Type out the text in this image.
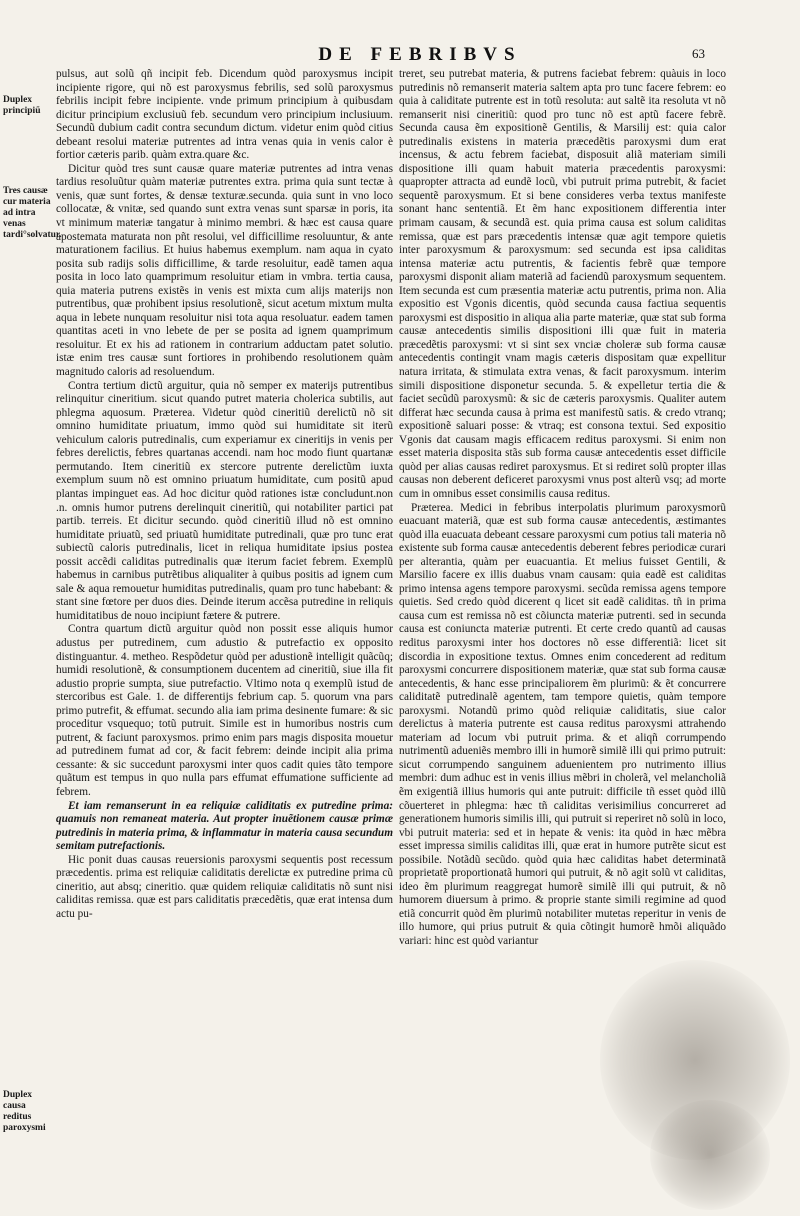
DE FEBRIBVS	63
Duplex principiũ
Tres causæ cur materia ad intra venas tardi°solvatur.
Duplex causa reditus paroxysmi

pulsus, aut solũ qñ incipit feb. Dicendum quòd paroxysmus incipit incipiente rigore, qui nõ est paroxysmus febrilis, sed solũ paroxysmus febrilis incipit febre incipiente. vnde primum principium à quibusdam dicitur principium exclusiuũ feb. secundum vero principium inclusiuum. Secundũ dubium cadit contra secundum dictum. videtur enim quòd citius debeant resolui materiæ putrentes ad intra venas quia in venis calor è fortior cæteris parib. quàm extra.quare &c.

Dicitur quòd tres sunt causæ quare materiæ putrentes ad intra venas tardius resoluũtur quàm materiæ putrentes extra. prima quia sunt tectæ à venis, quæ sunt fortes, & densæ texturæ.secunda. quia sunt in vno loco collocatæ, & vnitæ, sed quando sunt extra venas sunt sparsæ in poris, ita vt minimum materiæ tangatur à minimo membri. & hæc est causa quare apostemata maturata non pñt resolui, vel difficillime resoluuntur, & ante maturationem facilius. Et huius habemus exemplum. nam aqua in cyato posita sub radijs solis difficillime, & tarde resoluitur, eadẽ tamen aqua posita in loco lato quamprimum resoluitur etiam in vmbra. tertia causa, quia materia putrens existẽs in venis est mixta cum alijs materijs non putrentibus, quæ prohibent ipsius resolutionẽ, sicut acetum mixtum multa aqua in lebete nunquam resoluitur nisi tota aqua resoluatur. eadem tamen quantitas aceti in vno lebete de per se posita ad ignem quamprimum resoluitur. Et ex his ad rationem in contrarium adductam patet solutio. istæ enim tres causæ sunt fortiores in prohibendo resolutionem quàm magnitudo caloris ad resoluendum.

Contra tertium dictũ arguitur, quia nõ semper ex materijs putrentibus relinquitur cineritium. sicut quando putret materia cholerica subtilis, aut phlegma aquosum. Præterea. Videtur quòd cineritiũ derelictũ nõ sit omnino humiditate priuatum, immo quòd sui humiditate sit iterũ vehiculum caloris putredinalis, cum experiamur ex cineritijs in venis per febres derelictis, febres quartanas accendi. nam hoc modo fiunt quartanæ permutando. Item cineritiũ ex stercore putrente derelictũm iuxta exemplum suum nõ est omnino priuatum humiditate, cum positũ apud plantas impinguet eas. Ad hoc dicitur quòd rationes istæ concludunt.non .n. omnis humor putrens derelinquit cineritiũ, qui notabiliter partici pat partib. terreis. Et dicitur secundo. quòd cineritiũ illud nõ est omnino humiditate priuatũ, sed priuatũ humiditate putredinali, quæ pro tunc erat subiectũ caloris putredinalis, licet in reliqua humiditate ipsius postea possit accẽdi caliditas putredinalis quæ iterum faciet febrem. Exemplũ habemus in carnibus putrẽtibus aliqualiter à quibus positis ad ignem cum sale & aqua remouetur humiditas putredinalis, quam pro tunc habebant: & stant sine fœtore per duos dies. Deinde iterum accẽsa putredine in reliquis humiditatibus de nouo incipiunt fætere & putrere.

Contra quartum dictũ arguitur quòd non possit esse aliquis humor adustus per putredinem, cum adustio & putrefactio ex opposito distinguantur. 4. metheo. Respõdetur quòd per adustionẽ intelligit quãcũq; humidi resolutionẽ, & consumptionem ducentem ad cineritiũ, siue illa fit adustio proprie sumpta, siue putrefactio. Vltimo nota q exemplũ istud de stercoribus est Gale. 1. de differentijs febrium cap. 5. quorum vna pars primo putrefit, & effumat. secundo alia iam prima desinente fumare: & sic proceditur vsquequo; totũ putruit. Simile est in humoribus nostris cum putrent, & faciunt paroxysmos. primo enim pars magis disposita mouetur ad putredinem fumat ad cor, & facit febrem: deinde incipit alia prima cessante: & sic succedunt paroxysmi inter quos cadit quies tãto tempore quãtum est tempus in quo nulla pars effumat effumatione sufficiente ad febrem.

Et iam remanserunt in ea reliquiæ caliditatis ex putredine prima: quamuis non remaneat materia. Aut propter inuẽtionem causæ primæ putredinis in materia prima, & inflammatur in materia causa secundum semitam putrefactionis.

Hic ponit duas causas reuersionis paroxysmi sequentis post recessum præcedentis. prima est reliquiæ caliditatis derelictæ ex putredine prima cũ cineritio, aut absq; cineritio. quæ quidem reliquiæ caliditatis nõ sunt nisi caliditas remissa. quæ est pars caliditatis præcedẽtis, quæ erat intensa dum actu pu-

treret, seu putrebat materia, & putrens faciebat febrem: quàuis in loco putredinis nõ remanserit materia saltem apta pro tunc facere febrem: eo quia à caliditate putrente est in totũ resoluta: aut saltẽ ita resoluta vt nõ remanserit nisi cineritiũ: quod pro tunc nõ est aptũ facere febrẽ. Secunda causa ẽm expositionẽ Gentilis, & Marsilij est: quia calor putredinalis existens in materia præcedẽtis paroxysmi dum erat incensus, & actu febrem faciebat, disposuit aliã materiam simili dispositione illi quam habuit materia præcedentis paroxysmi: quapropter attracta ad eundẽ locũ, vbi putruit prima putrebit, & faciet sequentẽ paroxysmum. Et si bene consideres verba textus manifeste sonant hanc sententiã. Et ẽm hanc expositionem differentia inter primam causam, & secundã est. quia prima causa est solum caliditas remissa, quæ est pars præcedentis intensæ quæ agit tempore quietis inter paroxysmum & paroxysmum: sed secunda est ipsa caliditas intensa materiæ actu putrentis, & facientis febrẽ quæ tempore paroxysmi disponit aliam materiã ad faciendũ paroxysmum sequentem. Item secunda est cum præsentia materiæ actu putrentis, prima non. Alia expositio est Vgonis dicentis, quòd secunda causa factiua sequentis paroxysmi est dispositio in aliqua alia parte materiæ, quæ stat sub forma causæ antecedentis similis dispositioni illi quæ fuit in materia præcedẽtis paroxysmi: vt si sint sex vnciæ choleræ sub forma causæ antecedentis contingit vnam magis cæteris dispositam quæ expellitur natura irritata, & stimulata extra venas, & facit paroxysmum. interim simili dispositione disponetur secunda. 5. & expelletur tertia die & faciet secũdũ paroxysmũ: & sic de cæteris paroxysmis. Qualiter autem differat hæc secunda causa à prima est manifestũ satis. & credo vtranq; expositionẽ saluari posse: & vtraq; est consona textui. Sed expositio Vgonis dat causam magis efficacem reditus paroxysmi. Si enim non esset materia disposita stãs sub forma causæ antecedentis esset difficile quòd per alias causas rediret paroxysmus. Et si rediret solũ propter illas causas non deberent deficeret paroxysmi vnus post alterũ vsq; ad morte cum in omnibus esset consimilis causa reditus.

Præterea. Medici in febribus interpolatis plurimum paroxysmorũ euacuant materiã, quæ est sub forma causæ antecedentis, æstimantes quòd illa euacuata debeant cessare paroxysmi cum potius tali materia nõ existente sub forma causæ antecedentis deberent febres periodicæ curari per alterantia, quàm per euacuantia. Et melius fuisset Gentili, & Marsilio facere ex illis duabus vnam causam: quia eadẽ est caliditas primo intensa agens tempore paroxysmi. secũda remissa agens tempore quietis. Sed credo quòd dicerent q licet sit eadẽ caliditas. tñ in prima causa cum est remissa nõ est cõiuncta materiæ putrenti. sed in secunda causa est coniuncta materiæ putrenti. Et certe credo quantũ ad causas reditus paroxysmi inter hos doctores nõ esse differentiã: licet sit discordia in expositione textus. Omnes enim concederent ad reditum paroxysmi concurrere dispositionem materiæ, quæ stat sub forma causæ antecedentis, & hanc esse principaliorem ẽm plurimũ: & ẽt concurrere caliditatẽ putredinalẽ agentem, tam tempore quietis, quàm tempore paroxysmi. Notandũ primo quòd reliquiæ caliditatis, siue calor derelictus à materia putrente est causa reditus paroxysmi attrahendo materiam ad locum vbi putruit prima. & et aliqñ corrumpendo nutrimentũ adueniẽs membro illi in humorẽ similẽ illi qui primo putruit: sicut corrumpendo sanguinem aduenientem pro nutrimento illius membri: dum adhuc est in venis illius mẽbri in cholerã, vel melancholiã ẽm exigentiã illius humoris qui ante putruit: difficile tñ esset quòd illũ cõuerteret in phlegma: hæc tñ caliditas verisimilius concurreret ad generationem humoris similis illi, qui putruit si reperiret nõ solũ in loco, vbi putruit materia: sed et in hepate & venis: ita quòd in hæc mẽbra esset impressa similis caliditas illi, quæ erat in humore putrẽte sicut est possibile. Notãdũ secũdo. quòd quia hæc caliditas habet determinatã proprietatẽ proportionatã humori qui putruit, & nõ agit solũ vt caliditas, ideo ẽm plurimum reaggregat humorẽ similẽ illi qui putruit, & nõ humorem diuersum à primo. & proprie stante simili regimine ad quod etiã concurrit quòd ẽm plurimũ notabiliter mutetas reperitur in venis de illo humore, qui prius putruit & quia cõtingit humorẽ hmõi aliquãdo variari: hinc est quòd variantur
